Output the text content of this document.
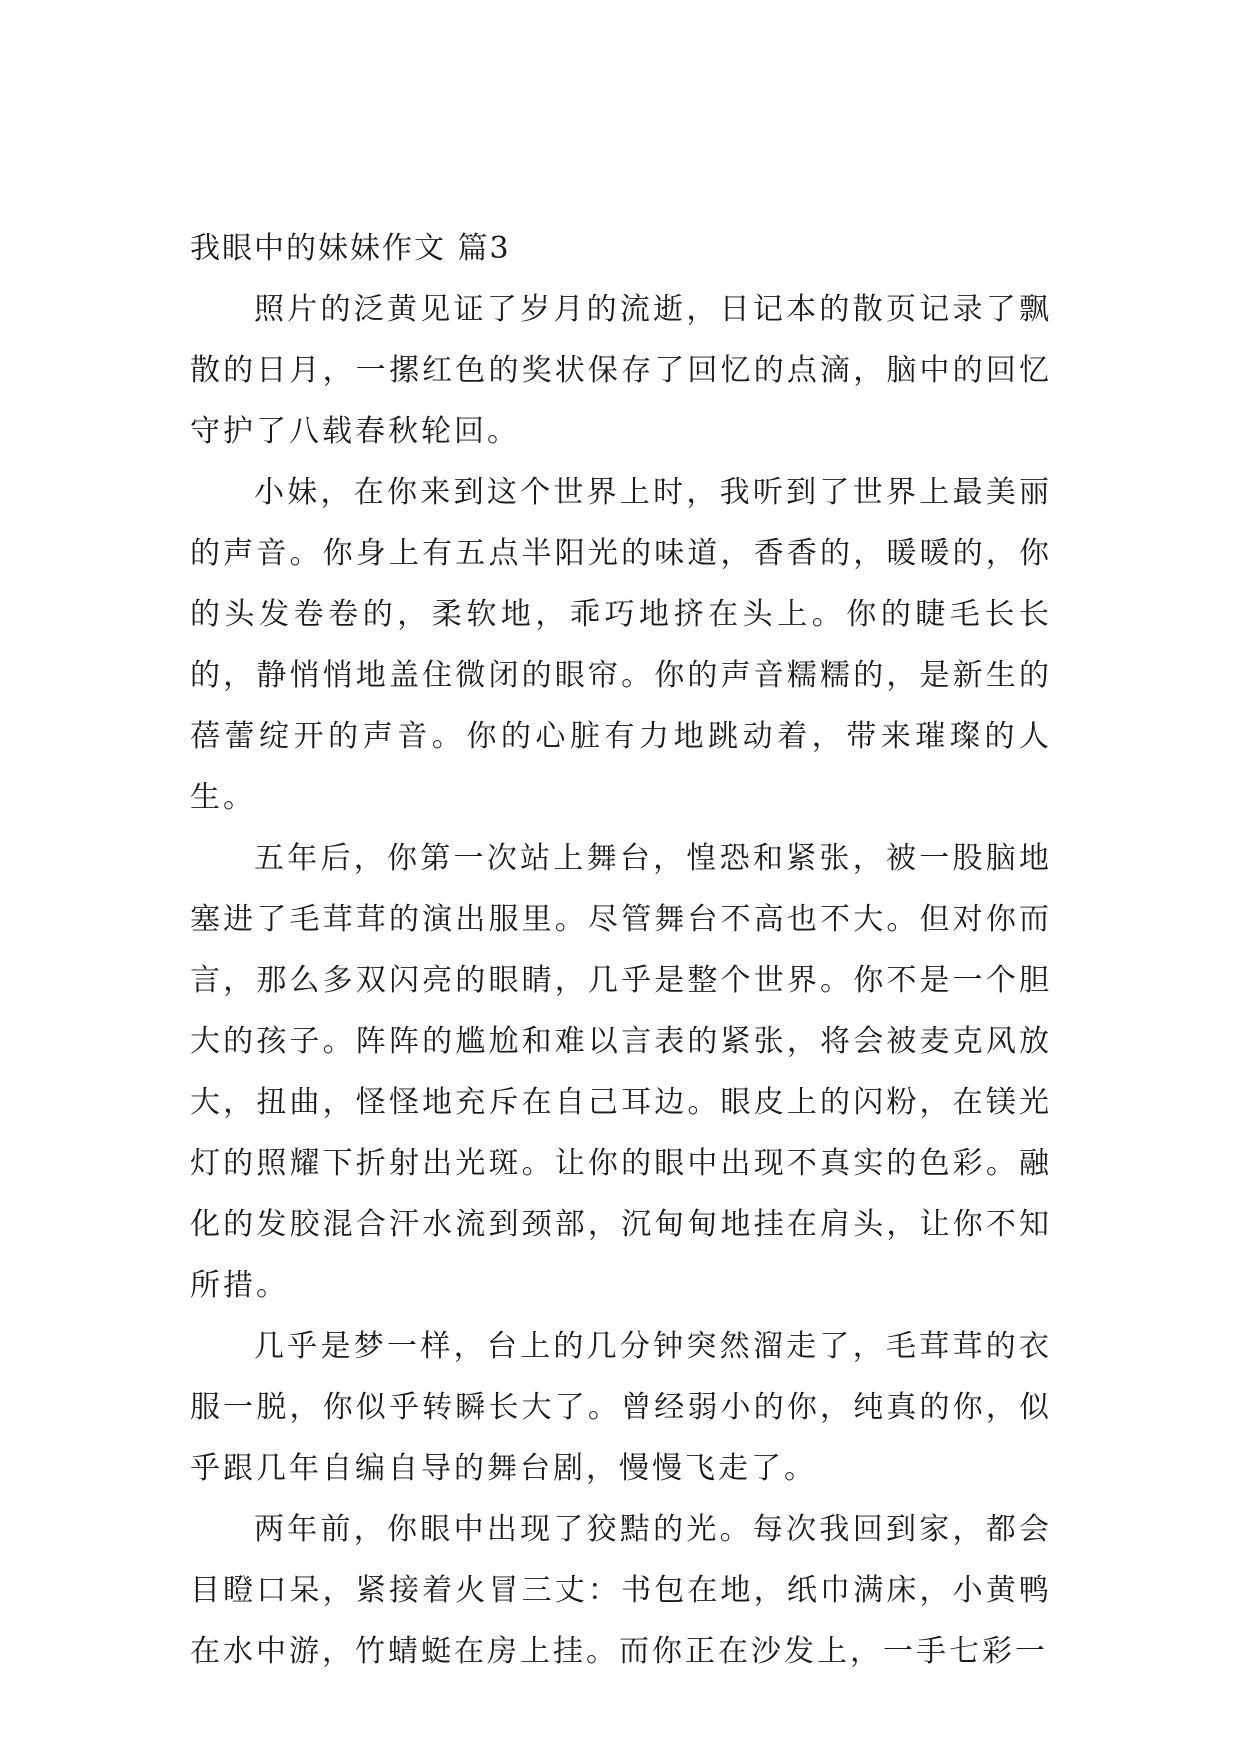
我眼中的妹妹作文 篇3

照片的泛黄见证了岁月的流逝，日记本的散页记录了飘散的日月，一摞红色的奖状保存了回忆的点滴，脑中的回忆守护了八载春秋轮回。

小妹，在你来到这个世界上时，我听到了世界上最美丽的声音。你身上有五点半阳光的味道，香香的，暖暖的，你的头发卷卷的，柔软地，乖巧地挤在头上。你的睫毛长长的，静悄悄地盖住微闭的眼帘。你的声音糯糯的，是新生的蓓蕾绽开的声音。你的心脏有力地跳动着，带来璀璨的人生。

五年后，你第一次站上舞台，惶恐和紧张，被一股脑地塞进了毛茸茸的演出服里。尽管舞台不高也不大。但对你而言，那么多双闪亮的眼睛，几乎是整个世界。你不是一个胆大的孩子。阵阵的尴尬和难以言表的紧张，将会被麦克风放大，扭曲，怪怪地充斥在自己耳边。眼皮上的闪粉，在镁光灯的照耀下折射出光斑。让你的眼中出现不真实的色彩。融化的发胶混合汗水流到颈部，沉甸甸地挂在肩头，让你不知所措。

几乎是梦一样，台上的几分钟突然溜走了，毛茸茸的衣服一脱，你似乎转瞬长大了。曾经弱小的你，纯真的你，似乎跟几年自编自导的舞台剧，慢慢飞走了。

两年前，你眼中出现了狡黠的光。每次我回到家，都会目瞪口呆，紧接着火冒三丈：书包在地，纸巾满床，小黄鸭在水中游，竹蜻蜓在房上挂。而你正在沙发上，一手七彩一
